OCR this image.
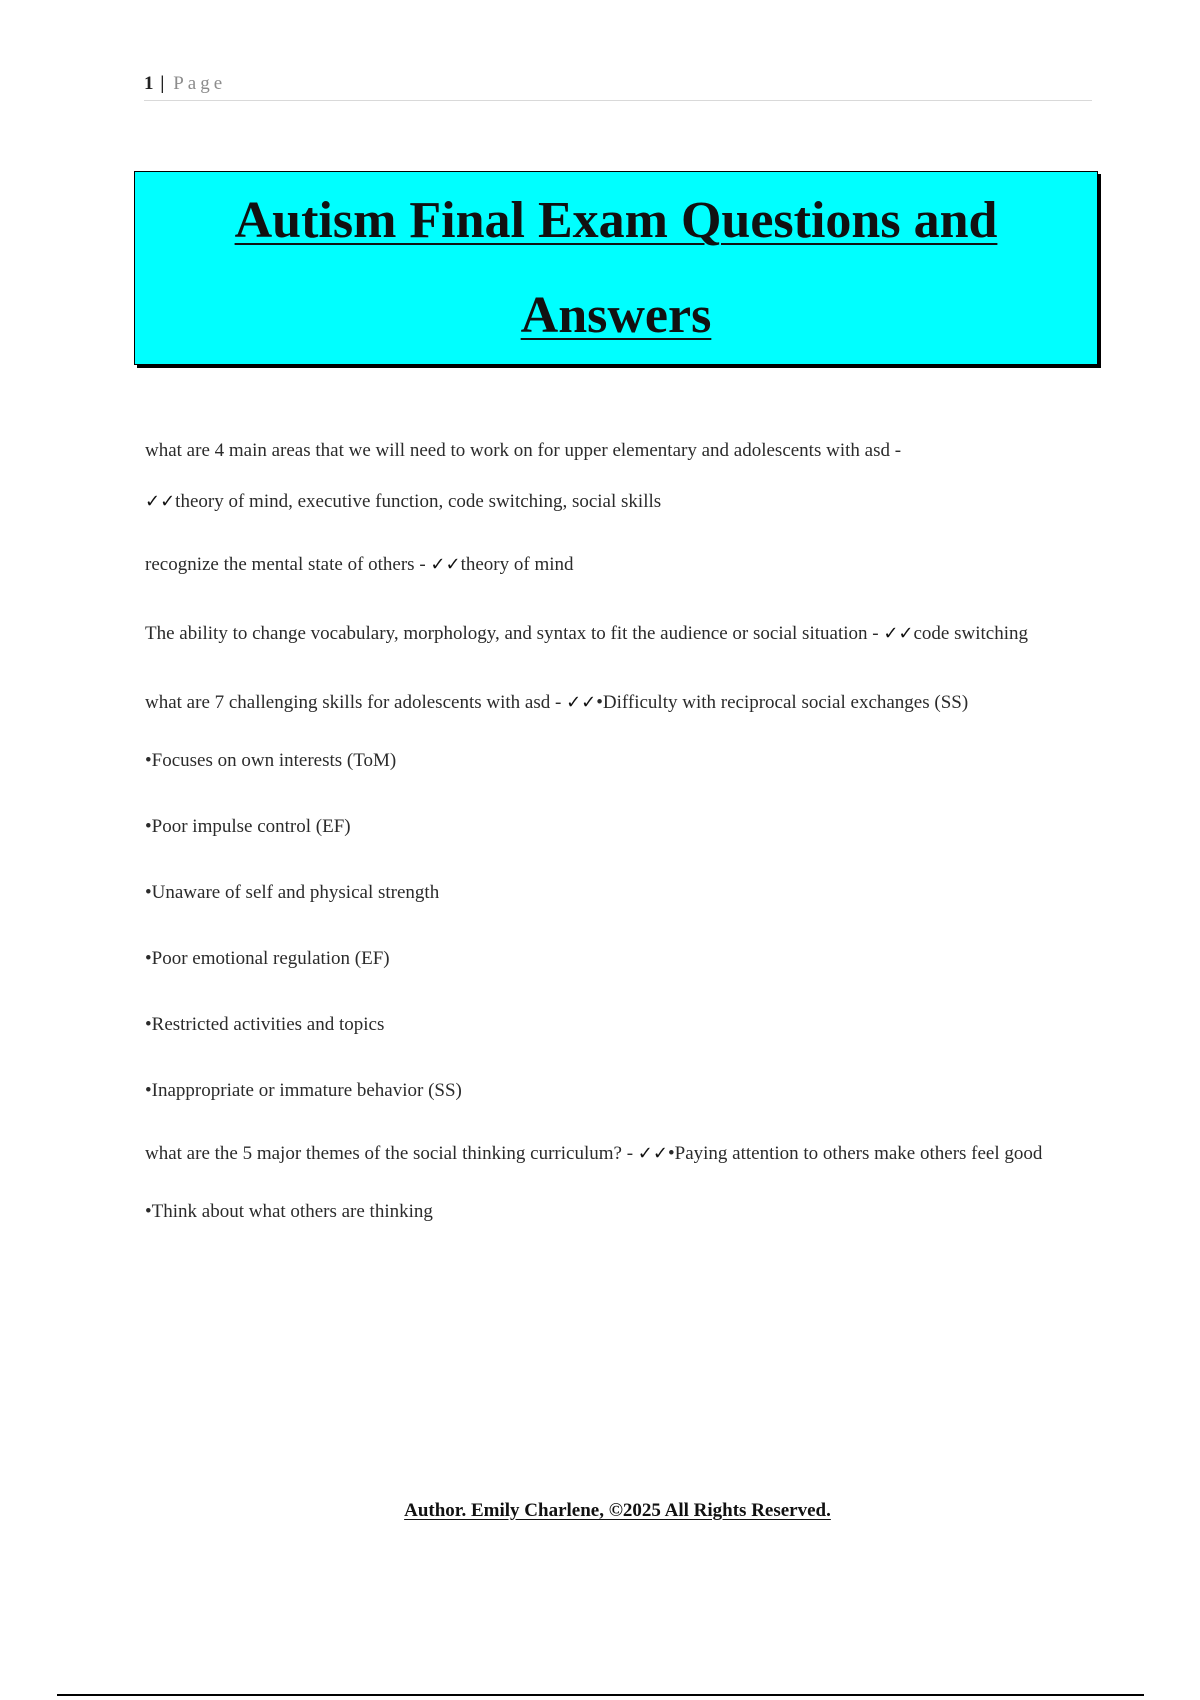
1 | Page
Autism Final Exam Questions and Answers

what are 4 main areas that we will need to work on for upper elementary and adolescents with asd -
✓✓theory of mind, executive function, code switching, social skills

recognize the mental state of others - ✓✓theory of mind

The ability to change vocabulary, morphology, and syntax to fit the audience or social situation - ✓✓code switching

what are 7 challenging skills for adolescents with asd - ✓✓•Difficulty with reciprocal social exchanges (SS)

•Focuses on own interests (ToM)

•Poor impulse control (EF)

•Unaware of self and physical strength

•Poor emotional regulation (EF)

•Restricted activities and topics

•Inappropriate or immature behavior (SS)

what are the 5 major themes of the social thinking curriculum? - ✓✓•Paying attention to others make others feel good

•Think about what others are thinking

Author. Emily Charlene, ©2025 All Rights Reserved.
